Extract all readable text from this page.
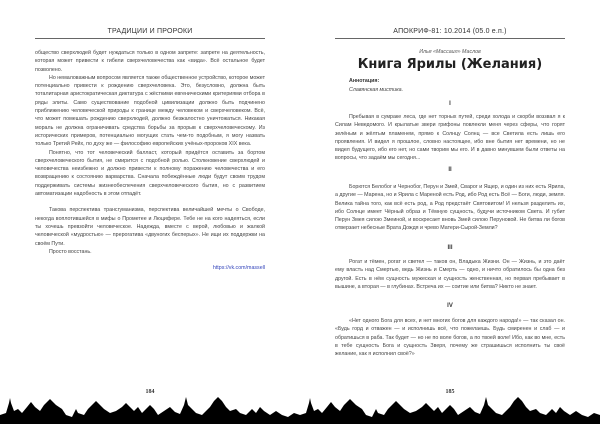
ТРАДИЦИИ И ПРОРОКИ

общество сверхлюдей будет нуждаться только в одном запрете: запрете на деятельность, которая может привести к гибели сверхчеловечества как «вида». Всё остальное будет позволено.

Но немаловажным вопросом является также общественное устройство, которое может потенциально привести к рождению сверхчеловека. Это, безусловно, должна быть тоталитарная аристократическая диктатура с жёсткими евгеническими критериями отбора в ряды элиты. Само существование подобной цивилизации должно быть подчинено приближению человеческой природы к границе между человеком и сверхчеловеком. Всё, что может помешать рождению сверхлюдей, должно безжалостно уничтожаться. Никакая мораль не должна ограничивать средства борьбы за прорыв к сверхчеловеческому. Из исторических примеров, потенциально могущих стать чем-то подобным, я могу назвать только Третий Рейх, по духу же — философию европейских учёных-пророков XIX века.

Понятно, что тот человеческий балласт, который придётся оставить за бортом сверхчеловеческого бытия, не смирится с подобной ролью. Столкновение сверхлюдей и человечества неизбежно и должно привести к полному поражению человечества и его возвращению к состоянию варварства. Сначала побеждённые люди будут своим трудом поддерживать системы жизнеобеспечения сверхчеловеческого бытия, но с развитием автоматизации надобность в этом отпадёт.

Такова перспектива трансгуманизма, перспектива величайшей мечты о Свободе, некогда воплотившейся в мифы о Прометее и Люцифере. Тебе не на кого надеяться, если ты хочешь превзойти человеческое. Надежда, вместе с верой, любовью и жалкой человеческой «мудростью» — прерогатива «двуногих бесперых». Не ищи их поддержки на своём Пути.

Просто восстань.

https://vk.com/massell
184
АПОКРИФ-81: 10.2014 (05.0 е.п.)
Илья «Массаил» Маслов
Книга Ярилы (Желания)
Аннотация:
Славянская мистика.
I

Пребывая в сумраке леса, где нет торных путей, среди холода и скорби воззвал я к Силам Неведомого. И крылатые звери грифоны повлекли меня через сферы, что горят зелёным и жёлтым пламенем, прямо к Солнцу Солнц — все Светила есть лишь его проявления. И видел я прошлое, словно настоящее, ибо вне бытия нет времени, но не видел будущего, ибо его нет, но сами творим мы его. И в давно минувшем были ответы на вопросы, что задаём мы сегодня...

II

Борются Белобог и Чернобог, Перун и Змей, Сварог и Ящер, и один из них есть Ярила, а другие — Марена, но и Ярила с Мареной есть Род, ибо Род есть Всё — Боги, люди, земля. Велика тайна того, как всё есть род, а Род предстаёт Святовитом! И нельзя разделить их, ибо Солнце имеет Чёрный образ и Тёмную сущность, будучи источником Света. И губит Перун Змея силою Змеиной, и воскресает вновь Змей силою Перуновой. Не битва ли богов отверзает небесные Врата Дождя и чрево Матери-Сырой-Земли?

III

Рогат и тёмен, рогат и светел — таков он, Владыка Жизни. Он — Жизнь, и это даёт ему власть над Смертью, ведь Жизнь и Смерть — одно, и ничто обратилось бы одна без другой. Есть в нём сущность мужеская и сущность женственная, но первая пребывает в вышине, а вторая — в глубинах. Встреча их — соитие или битва? Никто не знает.

IV

«Нет одного Бога для всех, и нет многих богов для каждого народа!» — так сказал он. «Будь горд и отважен — и исполнишь всё, что пожелаешь. Будь смиренен и слаб — и обратишься в раба. Так будет — но не по воле богов, а по твоей воле! Ибо, как во мне, есть в тебе сущность Бога и сущность Зверя, почему же страшишься исполнить ты своё желание, как я исполнил своё?»

185
